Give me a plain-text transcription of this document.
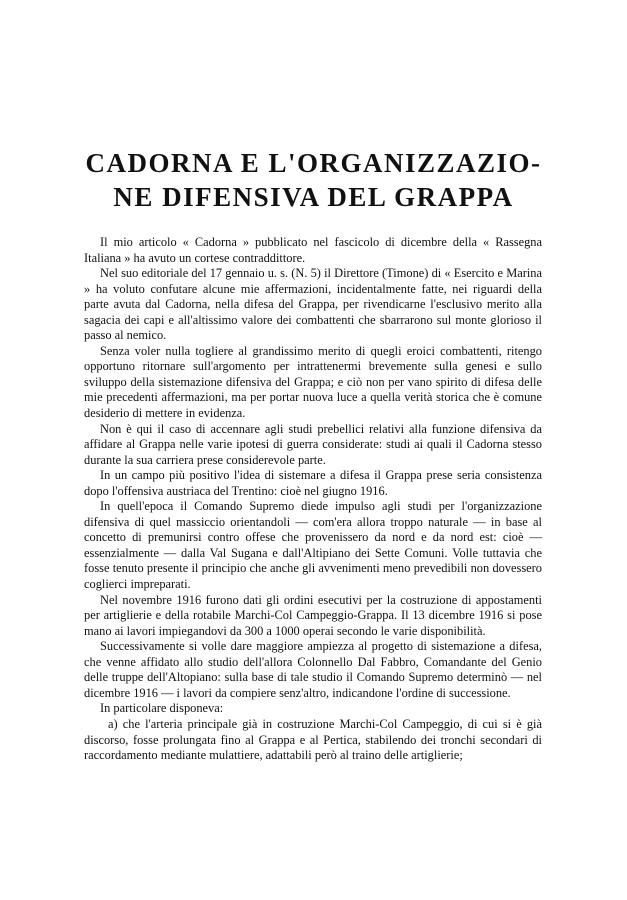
CADORNA E L'ORGANIZZAZIO-
NE DIFENSIVA DEL GRAPPA

Il mio articolo « Cadorna » pubblicato nel fascicolo di dicembre della « Rassegna Italiana » ha avuto un cortese contraddittore.

Nel suo editoriale del 17 gennaio u. s. (N. 5) il Direttore (Timone) di « Esercito e Marina » ha voluto confutare alcune mie affermazioni, incidentalmente fatte, nei riguardi della parte avuta dal Cadorna, nella difesa del Grappa, per rivendicarne l'esclusivo merito alla sagacia dei capi e all'altissimo valore dei combattenti che sbarrarono sul monte glorioso il passo al nemico.

Senza voler nulla togliere al grandissimo merito di quegli eroici combattenti, ritengo opportuno ritornare sull'argomento per intrattenermi brevemente sulla genesi e sullo sviluppo della sistemazione difensiva del Grappa; e ciò non per vano spirito di difesa delle mie precedenti affermazioni, ma per portar nuova luce a quella verità storica che è comune desiderio di mettere in evidenza.

Non è qui il caso di accennare agli studi prebellici relativi alla funzione difensiva da affidare al Grappa nelle varie ipotesi di guerra considerate: studi ai quali il Cadorna stesso durante la sua carriera prese considerevole parte.

In un campo più positivo l'idea di sistemare a difesa il Grappa prese seria consistenza dopo l'offensiva austriaca del Trentino: cioè nel giugno 1916.

In quell'epoca il Comando Supremo diede impulso agli studi per l'organizzazione difensiva di quel massiccio orientandoli — com'era allora troppo naturale — in base al concetto di premunirsi contro offese che provenissero da nord e da nord est: cioè — essenzialmente — dalla Val Sugana e dall'Altipiano dei Sette Comuni. Volle tuttavia che fosse tenuto presente il principio che anche gli avvenimenti meno prevedibili non dovessero coglierci impreparati.

Nel novembre 1916 furono dati gli ordini esecutivi per la costruzione di appostamenti per artiglierie e della rotabile Marchi-Col Campeggio-Grappa. Il 13 dicembre 1916 si pose mano ai lavori impiegandovi da 300 a 1000 operai secondo le varie disponibilità.

Successivamente si volle dare maggiore ampiezza al progetto di sistemazione a difesa, che venne affidato allo studio dell'allora Colonnello Dal Fabbro, Comandante del Genio delle truppe dell'Altopiano: sulla base di tale studio il Comando Supremo determinò — nel dicembre 1916 — i lavori da compiere senz'altro, indicandone l'ordine di successione.

In particolare disponeva:

a) che l'arteria principale già in costruzione Marchi-Col Campeggio, di cui si è già discorso, fosse prolungata fino al Grappa e al Pertica, stabilendo dei tronchi secondari di raccordamento mediante mulattiere, adattabili però al traino delle artiglierie;
